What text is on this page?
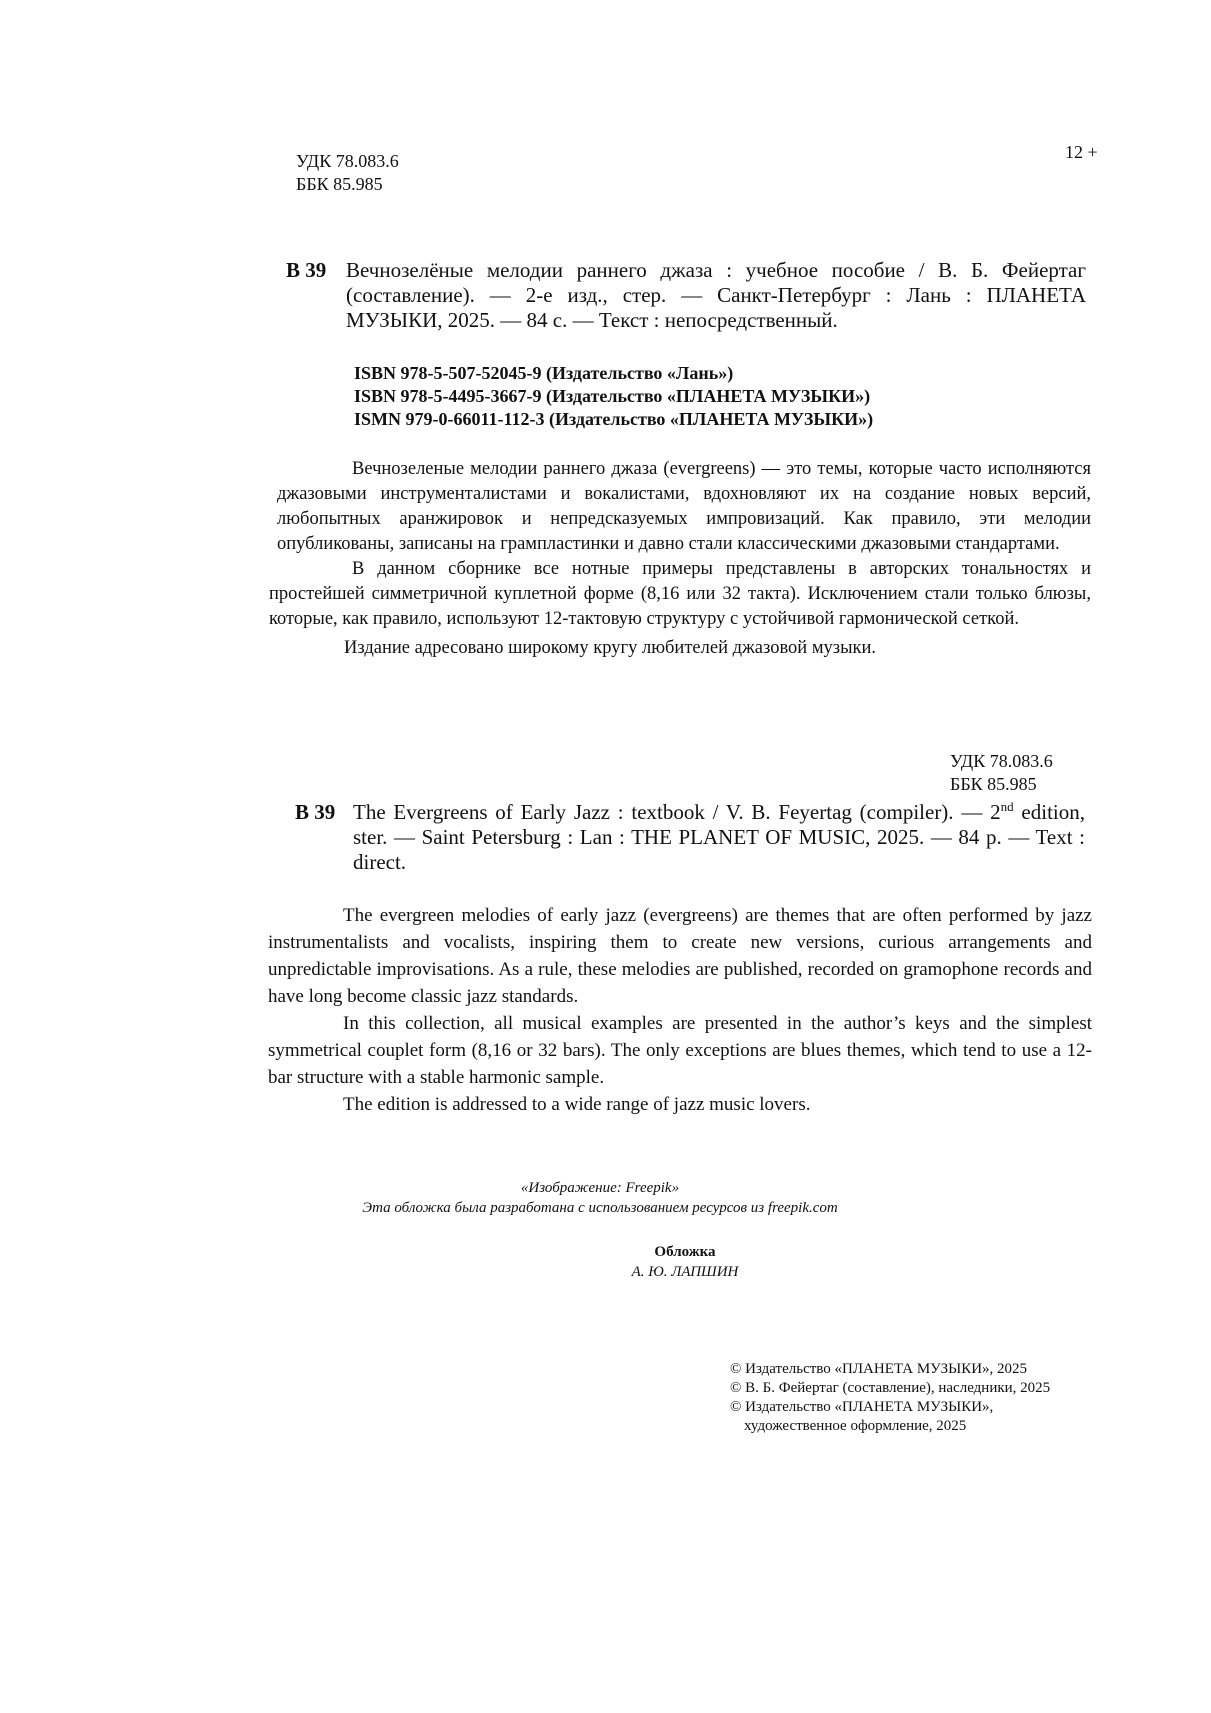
УДК 78.083.6
ББК 85.985
12 +
В 39 Вечнозелёные мелодии раннего джаза : учебное пособие / В. Б. Фейертаг (составление). — 2-е изд., стер. — Санкт-Петербург : Лань : ПЛАНЕТА МУЗЫКИ, 2025. — 84 с. — Текст : непосредственный.
ISBN 978-5-507-52045-9 (Издательство «Лань»)
ISBN 978-5-4495-3667-9 (Издательство «ПЛАНЕТА МУЗЫКИ»)
ISMN 979-0-66011-112-3 (Издательство «ПЛАНЕТА МУЗЫКИ»)

Вечнозеленые мелодии раннего джаза (evergreens) — это темы, которые часто исполняются джазовыми инструменталистами и вокалистами, вдохновляют их на создание новых версий, любопытных аранжировок и непредсказуемых импровизаций. Как правило, эти мелодии опубликованы, записаны на грампластинки и давно стали классическими джазовыми стандартами.

В данном сборнике все нотные примеры представлены в авторских тональностях и простейшей симметричной куплетной форме (8,16 или 32 такта). Исключением стали только блюзы, которые, как правило, используют 12-тактовую структуру с устойчивой гармонической сеткой.

Издание адресовано широкому кругу любителей джазовой музыки.

УДК 78.083.6
ББК 85.985
B 39 The Evergreens of Early Jazz : textbook / V. B. Feyertag (compiler). — 2nd edition, ster. — Saint Petersburg : Lan : THE PLANET OF MUSIC, 2025. — 84 p. — Text : direct.

The evergreen melodies of early jazz (evergreens) are themes that are often performed by jazz instrumentalists and vocalists, inspiring them to create new versions, curious arrangements and unpredictable improvisations. As a rule, these melodies are published, recorded on gramophone records and have long become classic jazz standards.

In this collection, all musical examples are presented in the author’s keys and the simplest symmetrical couplet form (8,16 or 32 bars). The only exceptions are blues themes, which tend to use a 12-bar structure with a stable harmonic sample.

The edition is addressed to a wide range of jazz music lovers.

«Изображение: Freepik»
Эта обложка была разработана с использованием ресурсов из freepik.com
Обложка
А. Ю. ЛАПШИН
© Издательство «ПЛАНЕТА МУЗЫКИ», 2025
© В. Б. Фейертаг (составление), наследники, 2025
© Издательство «ПЛАНЕТА МУЗЫКИ»,
художественное оформление, 2025
